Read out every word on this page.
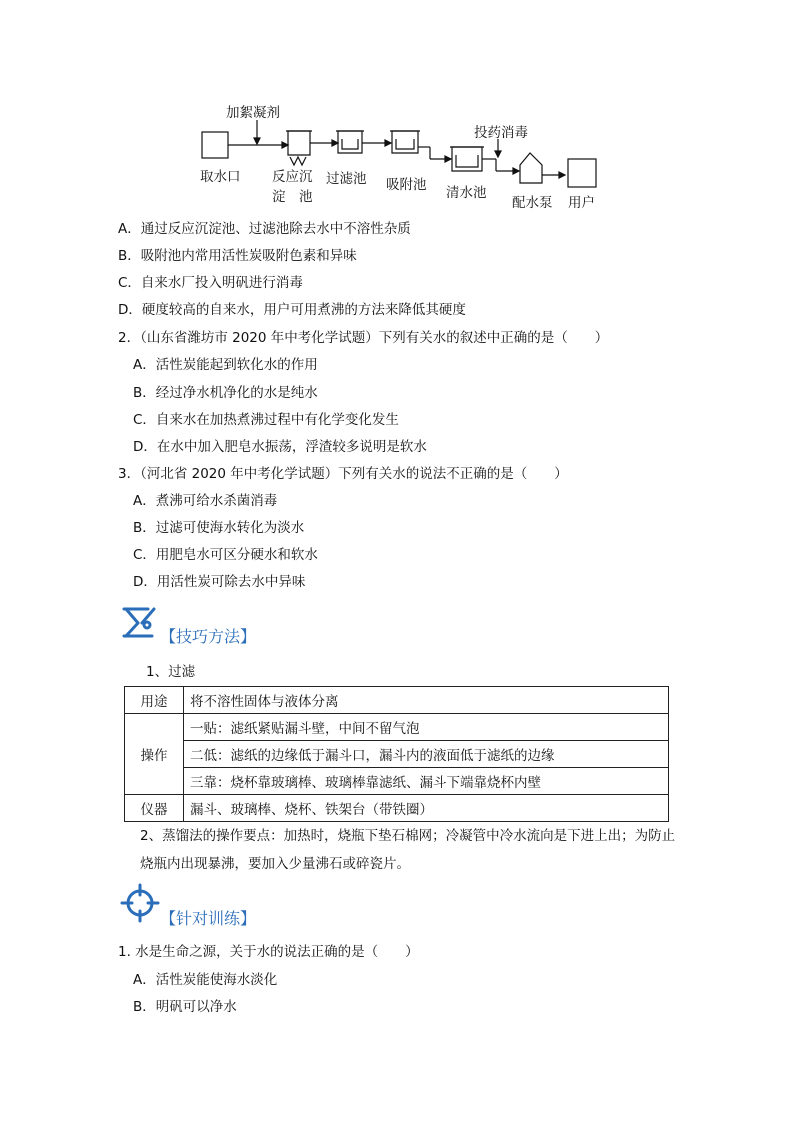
加絮凝剂
投药消毒
取水口 反应沉
淀　池
过滤池 吸附池 清水池
配水泵 用户
A．通过反应沉淀池、过滤池除去水中不溶性杂质
B．吸附池内常用活性炭吸附色素和异味
C．自来水厂投入明矾进行消毒
D．硬度较高的自来水，用户可用煮沸的方法来降低其硬度
2．（山东省潍坊市 2020 年中考化学试题）下列有关水的叙述中正确的是（　　）
A．活性炭能起到软化水的作用
B．经过净水机净化的水是纯水
C．自来水在加热煮沸过程中有化学变化发生
D．在水中加入肥皂水振荡，浮渣较多说明是软水
3．（河北省 2020 年中考化学试题）下列有关水的说法不正确的是（　　）
A．煮沸可给水杀菌消毒
B．过滤可使海水转化为淡水
C．用肥皂水可区分硬水和软水
D．用活性炭可除去水中异味
【技巧方法】
1、过滤
用途	将不溶性固体与液体分离
操作	一贴：滤纸紧贴漏斗壁，中间不留气泡
	二低：滤纸的边缘低于漏斗口，漏斗内的液面低于滤纸的边缘
	三靠：烧杯靠玻璃棒、玻璃棒靠滤纸、漏斗下端靠烧杯内壁
仪器	漏斗、玻璃棒、烧杯、铁架台（带铁圈）
2、蒸馏法的操作要点：加热时，烧瓶下垫石棉网；冷凝管中冷水流向是下进上出；为防止烧瓶内出现暴沸，要加入少量沸石或碎瓷片。
【针对训练】
1. 水是生命之源，关于水的说法正确的是（　　）
A．活性炭能使海水淡化
B．明矾可以净水
